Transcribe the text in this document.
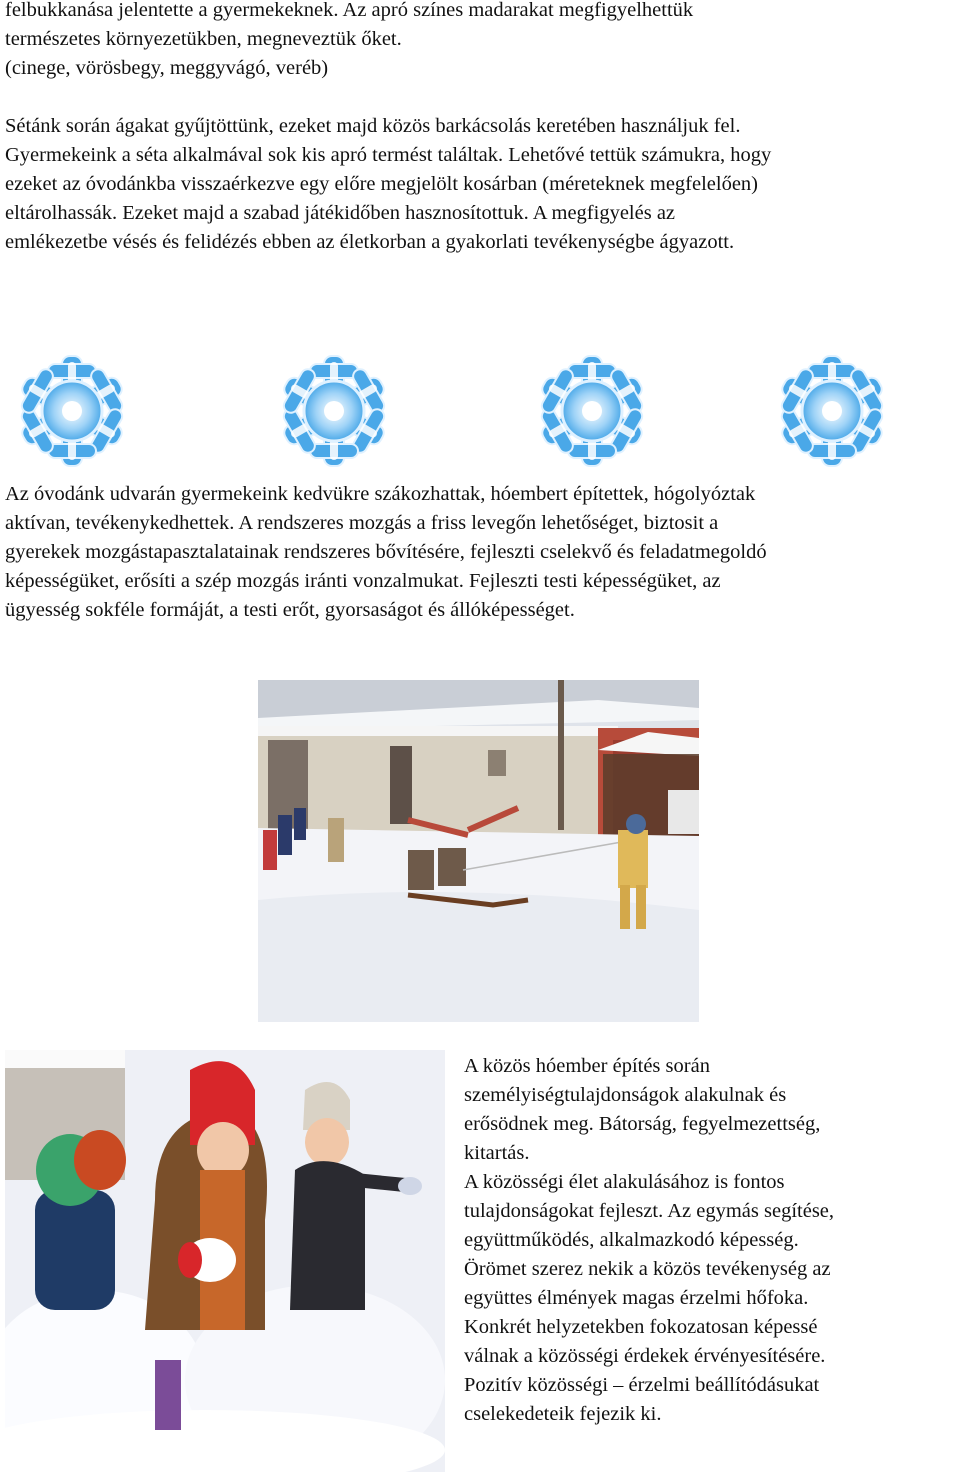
felbukkanása jelentette a gyermekeknek. Az apró színes madarakat megfigyelhettük
természetes környezetükben, megneveztük őket.
(cinege, vörösbegy, meggyvágó, veréb)
Sétánk során ágakat gyűjtöttünk, ezeket majd közös barkácsolás keretében használjuk fel.
Gyermekeink a séta alkalmával sok kis apró termést találtak. Lehetővé tettük számukra, hogy
ezeket az óvodánkba visszaérkezve egy előre megjelölt kosárban (méreteknek megfelelően)
eltárolhassák. Ezeket majd a szabad játékidőben hasznosítottuk. A megfigyelés az
emlékezetbe vésés és felidézés ebben az életkorban a gyakorlati tevékenységbe ágyazott.
Az óvodánk udvarán gyermekeink kedvükre szákozhattak, hóembert építettek, hógolyóztak
aktívan, tevékenykedhettek. A rendszeres mozgás a friss levegőn lehetőséget, biztosit a
gyerekek mozgástapasztalatainak rendszeres bővítésére, fejleszti cselekvő és feladatmegoldó
képességüket, erősíti a szép mozgás iránti vonzalmukat. Fejleszti testi képességüket, az
ügyesség sokféle formáját, a testi erőt, gyorsaságot és állóképességet.
A közös hóember építés során
személyiségtulajdonságok alakulnak és
erősödnek meg. Bátorság, fegyelmezettség,
kitartás.
A közösségi élet alakulásához is fontos
tulajdonságokat fejleszt. Az egymás segítése,
együttműködés, alkalmazkodó képesség.
Örömet szerez nekik a közös tevékenység az
együttes élmények magas érzelmi hőfoka.
Konkrét helyzetekben fokozatosan képessé
válnak a közösségi érdekek érvényesítésére.
Pozitív közösségi – érzelmi beállítódásukat
cselekedeteik fejezik ki.
